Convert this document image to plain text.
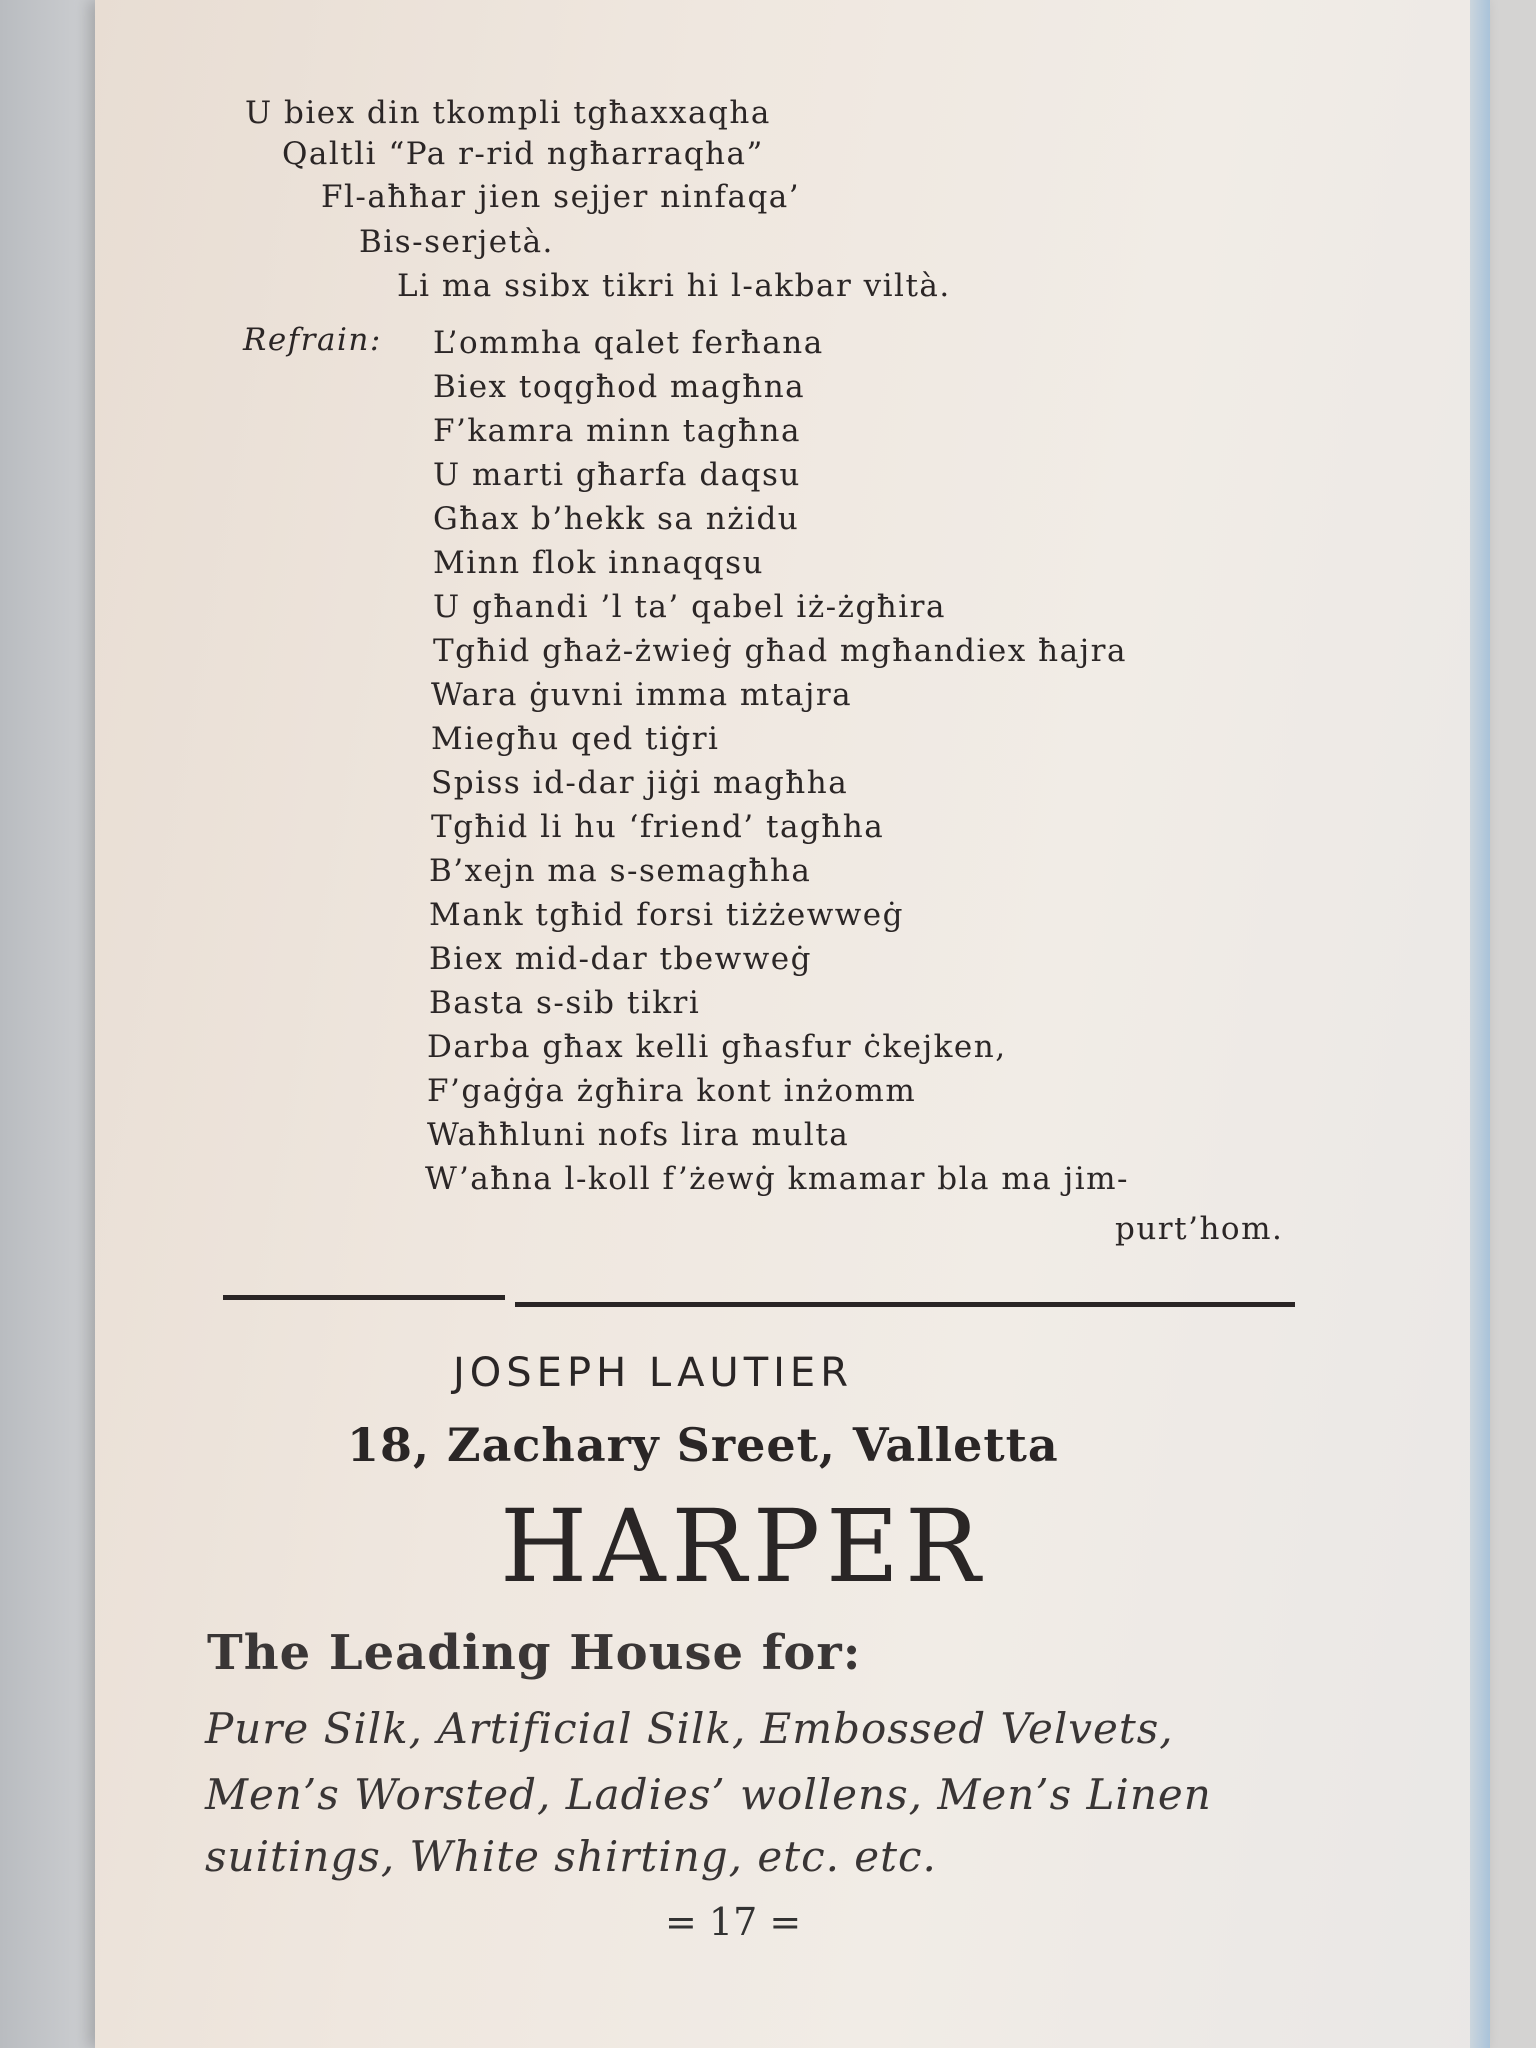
U biex din tkompli tgħaxxaqha
Qaltli “Pa r-rid ngħarraqha”
Fl-aħħar jien sejjer ninfaqa’
Bis-serjetà.
Li ma ssibx tikri hi l-akbar viltà.
Refrain: L’ommha qalet ferħana
Biex toqgħod magħna
F’kamra minn tagħna
U marti għarfa daqsu
Għax b’hekk sa nżidu
Minn flok innaqqsu
U għandi ’l ta’ qabel iż-żgħira
Tgħid għaż-żwieġ għad mgħandiex ħajra
Wara ġuvni imma mtajra
Miegħu qed tiġri
Spiss id-dar jiġi magħha
Tgħid li hu ‘friend’ tagħha
B’xejn ma s-semagħha
Mank tgħid forsi tiżżewweġ
Biex mid-dar tbewweġ
Basta s-sib tikri
Darba għax kelli għasfur ċkejken,
F’gaġġa żgħira kont inżomm
Waħħluni nofs lira multa
W’aħna l-koll f’żewġ kmamar bla ma jim-
purt’hom.
JOSEPH LAUTIER
18, Zachary Sreet, Valletta
HARPER
The Leading House for:
Pure Silk, Artificial Silk, Embossed Velvets,
Men’s Worsted, Ladies’ wollens, Men’s Linen
suitings, White shirting, etc. etc.
= 17 =
